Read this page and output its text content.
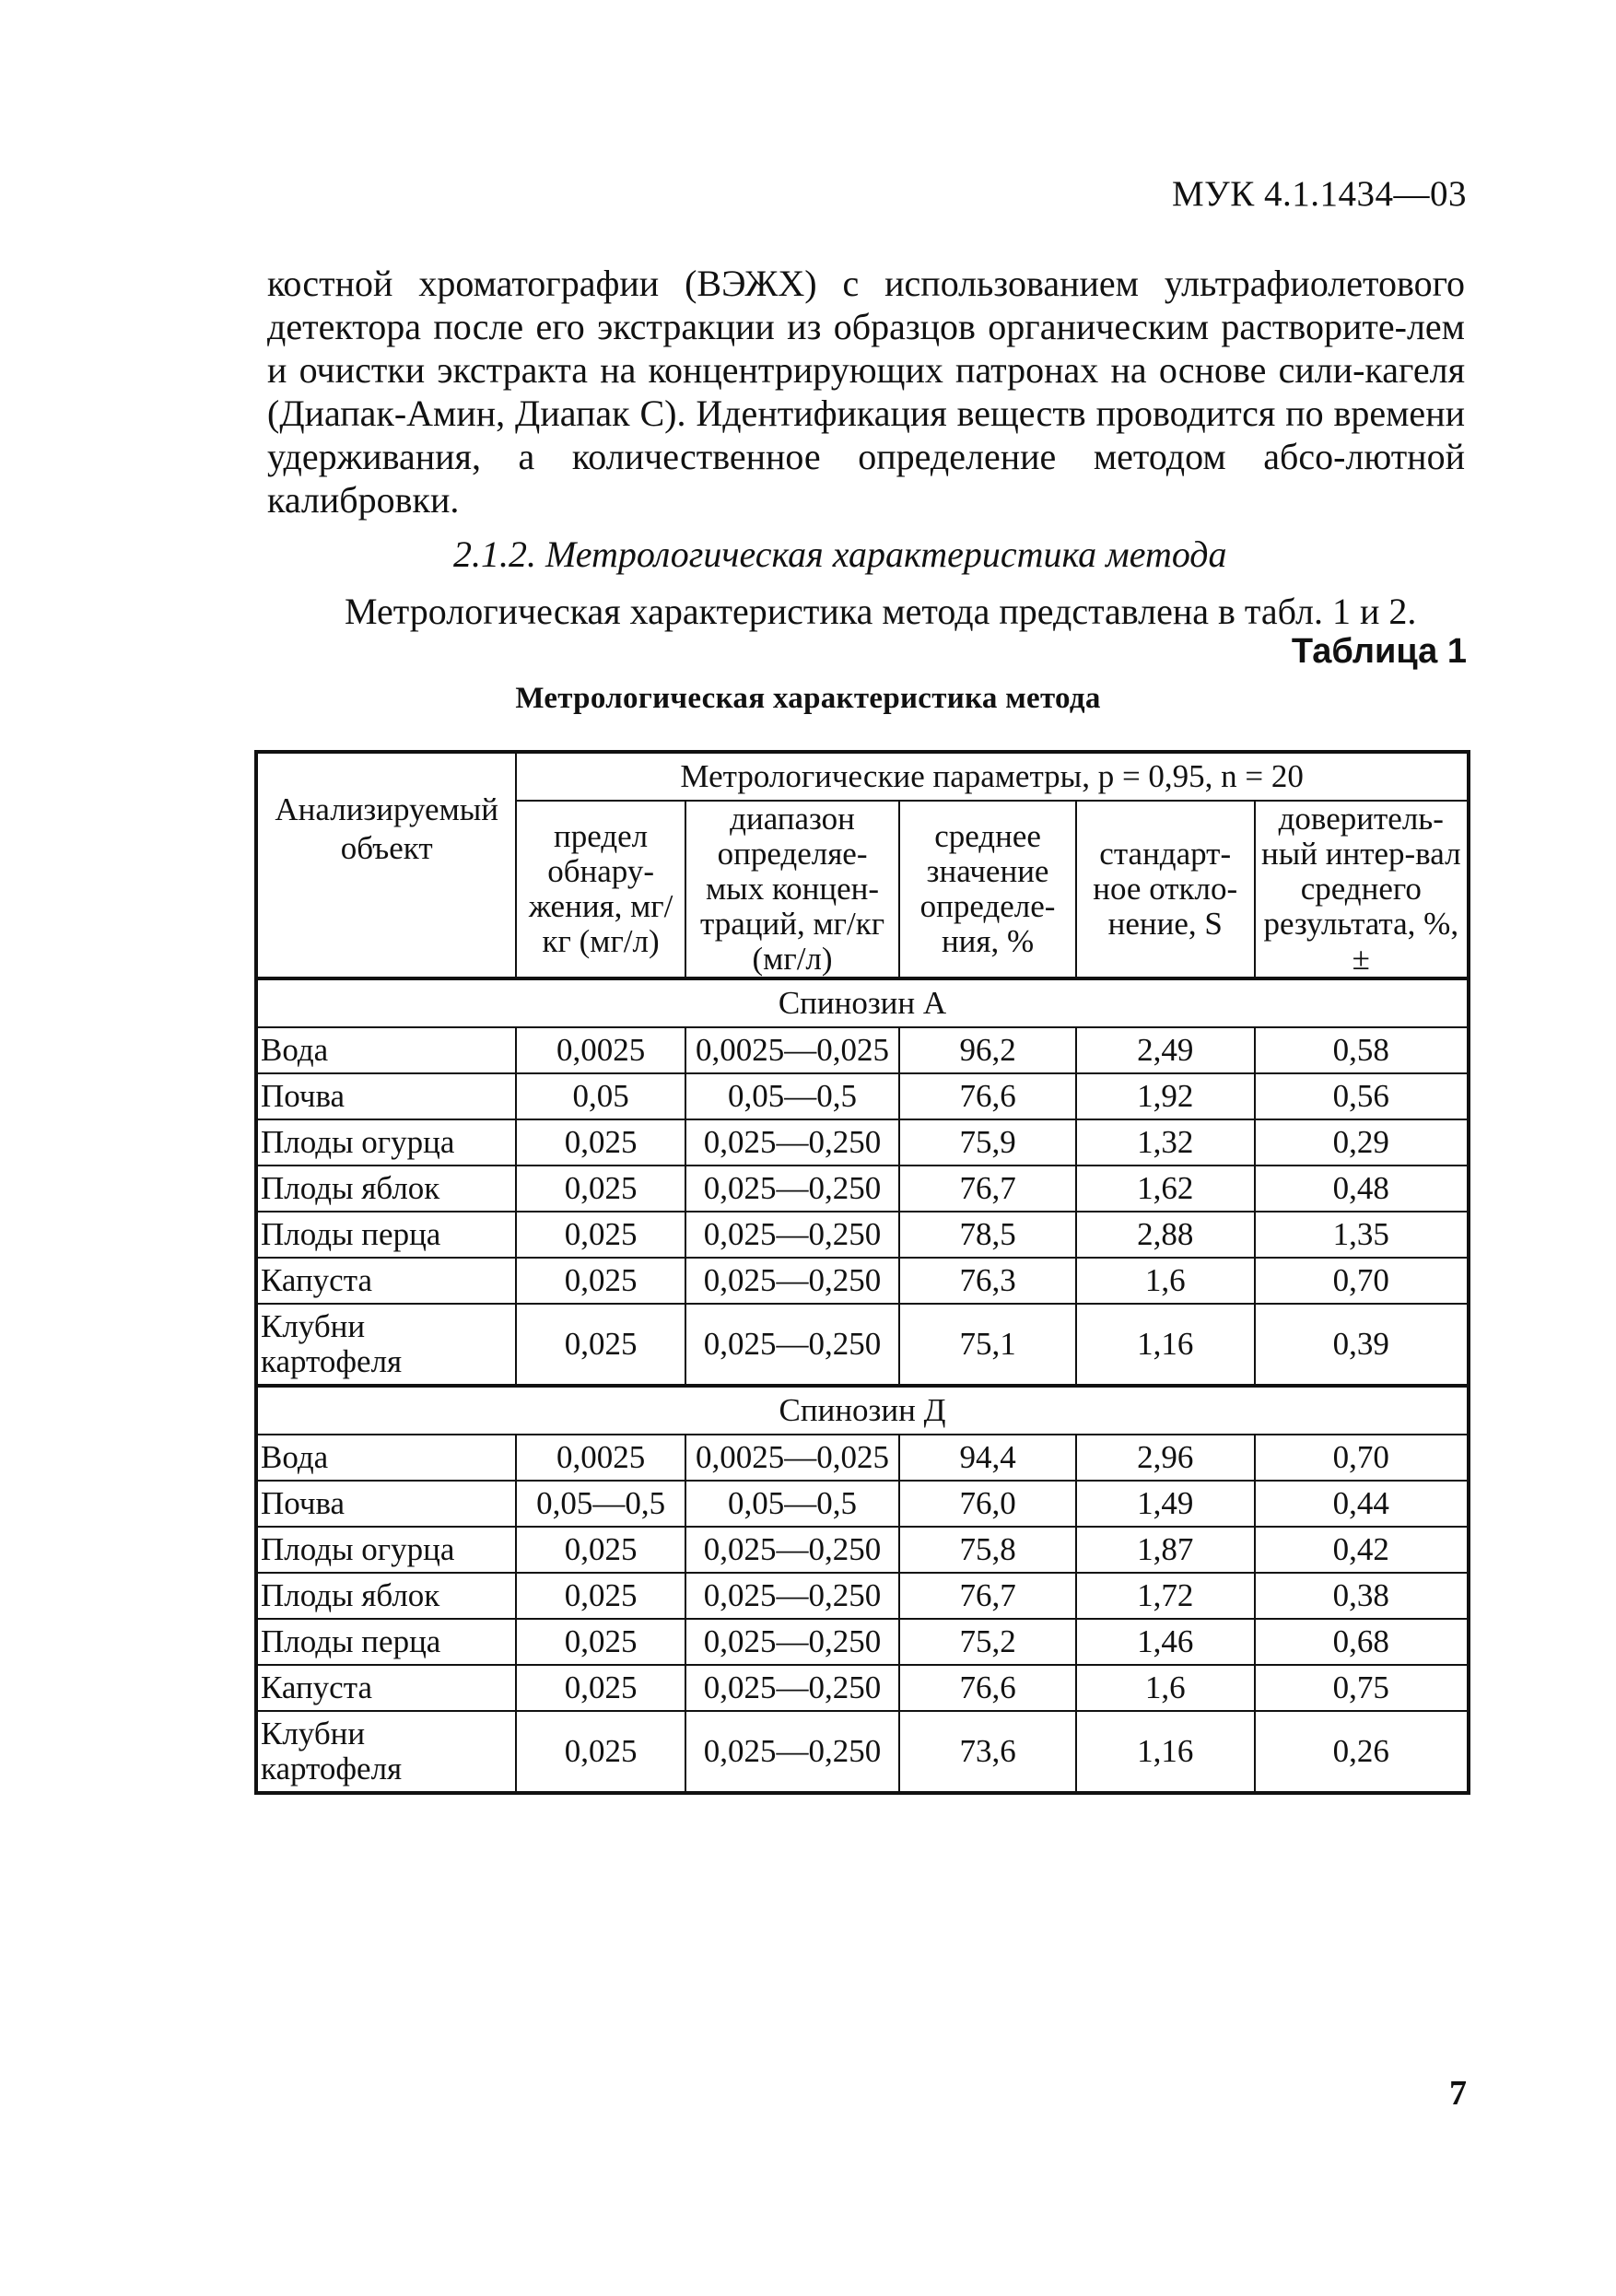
МУК 4.1.1434—03
костной хроматографии (ВЭЖХ) с использованием ультрафиолетового детектора после его экстракции из образцов органическим растворите-лем и очистки экстракта на концентрирующих патронах на основе сили-кагеля (Диапак-Амин, Диапак С). Идентификация веществ проводится по времени удерживания, а количественное определение методом абсо-лютной калибровки.
2.1.2. Метрологическая характеристика метода
Метрологическая характеристика метода представлена в табл. 1 и 2.
Таблица 1
Метрологическая характеристика метода
Анализируемый объект	Метрологические параметры, p = 0,95, n = 20				
	предел обнару-жения, мг/кг (мг/л)	диапазон определяе-мых концен-траций, мг/кг (мг/л)	среднее значение определе-ния, %	стандарт-ное откло-нение, S	доверитель-ный интер-вал среднего результата, %, ±
Спинозин А					
Вода	0,0025	0,0025—0,025	96,2	2,49	0,58
Почва	0,05	0,05—0,5	76,6	1,92	0,56
Плоды огурца	0,025	0,025—0,250	75,9	1,32	0,29
Плоды яблок	0,025	0,025—0,250	76,7	1,62	0,48
Плоды перца	0,025	0,025—0,250	78,5	2,88	1,35
Капуста	0,025	0,025—0,250	76,3	1,6	0,70
Клубни картофеля	0,025	0,025—0,250	75,1	1,16	0,39
Спинозин Д					
Вода	0,0025	0,0025—0,025	94,4	2,96	0,70
Почва	0,05—0,5	0,05—0,5	76,0	1,49	0,44
Плоды огурца	0,025	0,025—0,250	75,8	1,87	0,42
Плоды яблок	0,025	0,025—0,250	76,7	1,72	0,38
Плоды перца	0,025	0,025—0,250	75,2	1,46	0,68
Капуста	0,025	0,025—0,250	76,6	1,6	0,75
Клубни картофеля	0,025	0,025—0,250	73,6	1,16	0,26
7
